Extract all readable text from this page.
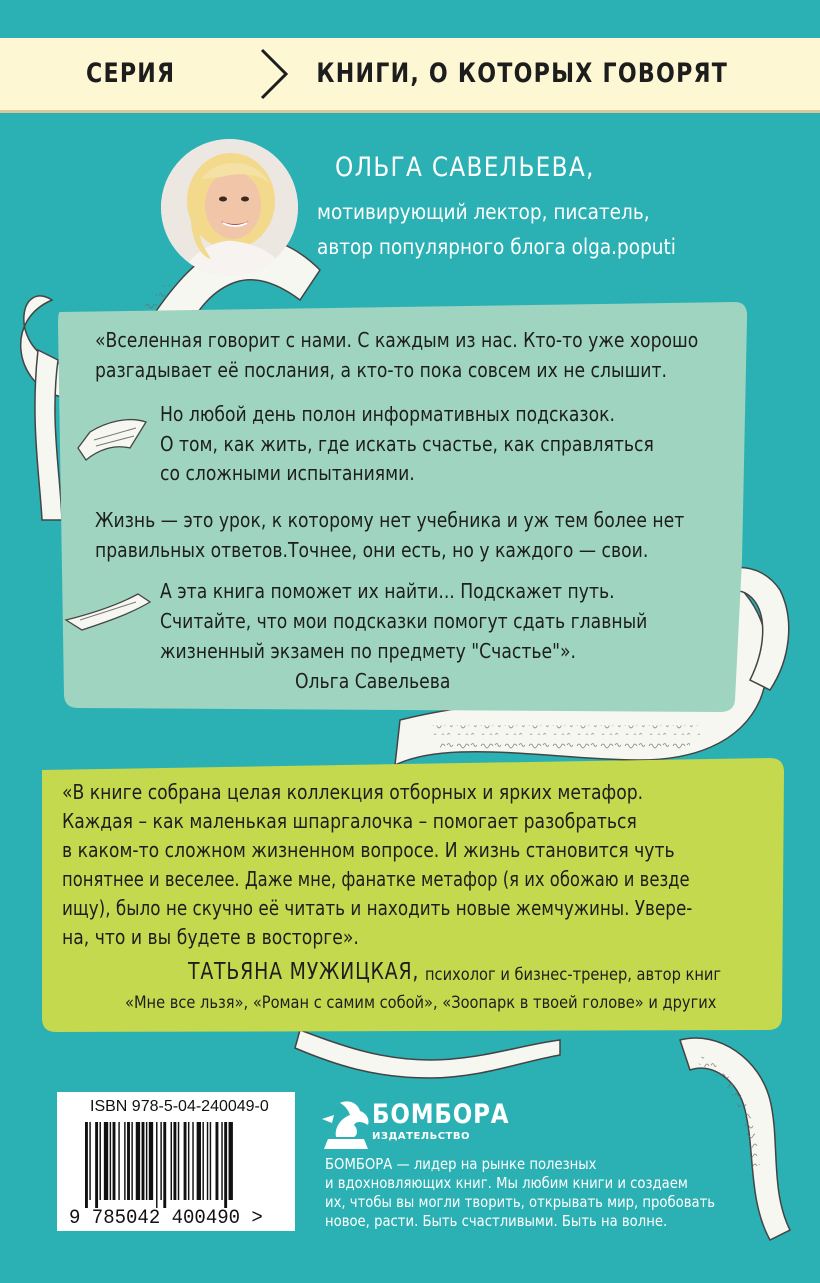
СЕРИЯ	КНИГИ, О КОТОРЫХ ГОВОРЯТ
ОЛЬГА САВЕЛЬЕВА,
мотивирующий лектор, писатель,
автор популярного блога olga.poputi
«Вселенная говорит с нами. С каждым из нас. Кто-то уже хорошо
разгадывает её послания, а кто-то пока совсем их не слышит.
Но любой день полон информативных подсказок.
О том, как жить, где искать счастье, как справляться
со сложными испытаниями.
Жизнь — это урок, к которому нет учебника и уж тем более нет
правильных ответов.Точнее, они есть, но у каждого — свои.
А эта книга поможет их найти... Подскажет путь.
Считайте, что мои подсказки помогут сдать главный
жизненный экзамен по предмету "Счастье"».
Ольга Савельева
«В книге собрана целая коллекция отборных и ярких метафор.
Каждая – как маленькая шпаргалочка – помогает разобраться
в каком-то сложном жизненном вопросе. И жизнь становится чуть
понятнее и веселее. Даже мне, фанатке метафор (я их обожаю и везде
ищу), было не скучно её читать и находить новые жемчужины. Увере-
на, что и вы будете в восторге».
ТАТЬЯНА МУЖИЦКАЯ, психолог и бизнес-тренер, автор книг
«Мне все льзя», «Роман с самим собой», «Зоопарк в твоей голове» и других
ISBN 978-5-04-240049-0
9 785042 400490 >
БОМБОРА
ИЗДАТЕЛЬСТВО
БОМБОРА — лидер на рынке полезных
и вдохновляющих книг. Мы любим книги и создаем
их, чтобы вы могли творить, открывать мир, пробовать
новое, расти. Быть счастливыми. Быть на волне.
